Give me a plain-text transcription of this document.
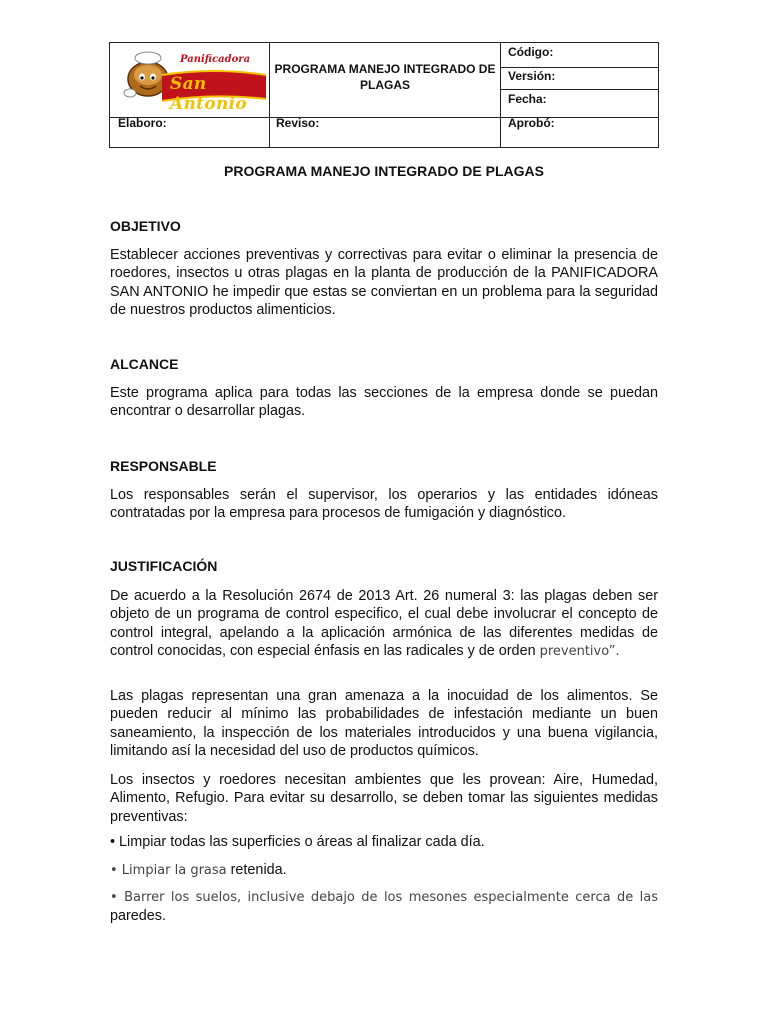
Panificadora
San Antonio
PROGRAMA MANEJO INTEGRADO DE PLAGAS
Código:
Versión:
Fecha:
Elaboro:	Reviso:	Aprobó:
PROGRAMA MANEJO INTEGRADO DE PLAGAS
OBJETIVO
Establecer acciones preventivas y correctivas para evitar o eliminar la presencia de roedores, insectos u otras plagas en la planta de producción de la PANIFICADORA SAN ANTONIO he impedir que estas se conviertan en un problema para la seguridad de nuestros productos alimenticios.
ALCANCE
Este programa aplica para todas las secciones de la empresa donde se puedan encontrar o desarrollar plagas.
RESPONSABLE
Los responsables serán el supervisor, los operarios y las entidades idóneas contratadas por la empresa para procesos de fumigación y diagnóstico.
JUSTIFICACIÓN
De acuerdo a la Resolución 2674 de 2013 Art. 26 numeral 3: las plagas deben ser objeto de un programa de control especifico, el cual debe involucrar el concepto de control integral, apelando a la aplicación armónica de las diferentes medidas de control conocidas, con especial énfasis en las radicales y de orden preventivo”.
Las plagas representan una gran amenaza a la inocuidad de los alimentos. Se pueden reducir al mínimo las probabilidades de infestación mediante un buen saneamiento, la inspección de los materiales introducidos y una buena vigilancia, limitando así la necesidad del uso de productos químicos.
Los insectos y roedores necesitan ambientes que les provean: Aire, Humedad, Alimento, Refugio. Para evitar su desarrollo, se deben tomar las siguientes medidas preventivas:
• Limpiar todas las superficies o áreas al finalizar cada día.
• Limpiar la grasa retenida.
• Barrer los suelos, inclusive debajo de los mesones especialmente cerca de las
paredes.
